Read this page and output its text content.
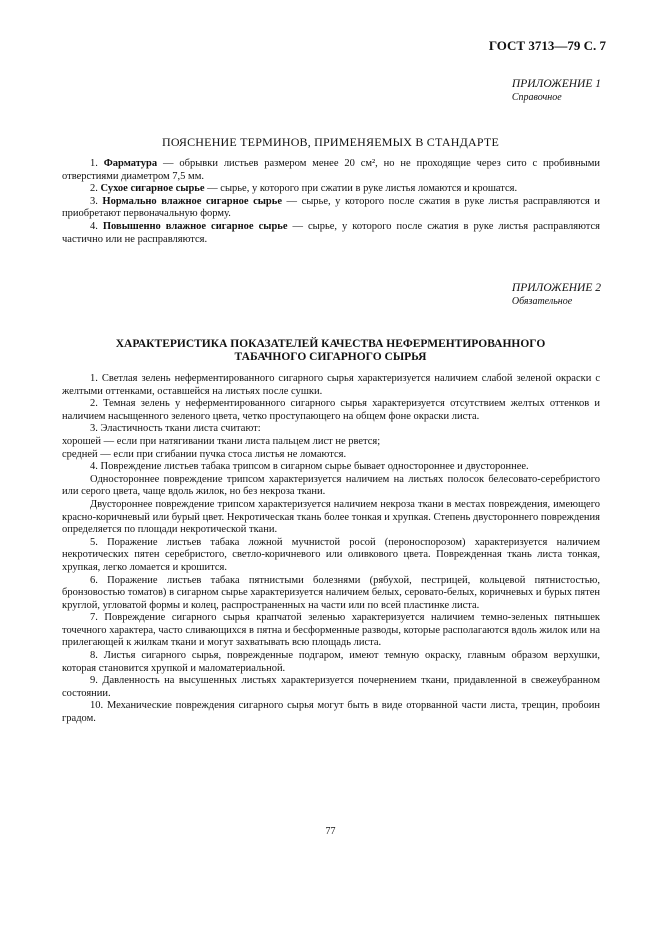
ГОСТ 3713—79 С. 7
ПРИЛОЖЕНИЕ 1
Справочное
ПОЯСНЕНИЕ ТЕРМИНОВ, ПРИМЕНЯЕМЫХ В СТАНДАРТЕ

1. Фарматура — обрывки листьев размером менее 20 см², но не проходящие через сито с пробивными отверстиями диаметром 7,5 мм.

2. Сухое сигарное сырье — сырье, у которого при сжатии в руке листья ломаются и крошатся.

3. Нормально влажное сигарное сырье — сырье, у которого после сжатия в руке листья расправляются и приобретают первоначальную форму.

4. Повышенно влажное сигарное сырье — сырье, у которого после сжатия в руке листья расправляются частично или не расправляются.

ПРИЛОЖЕНИЕ 2
Обязательное
ХАРАКТЕРИСТИКА ПОКАЗАТЕЛЕЙ КАЧЕСТВА НЕФЕРМЕНТИРОВАННОГО
ТАБАЧНОГО СИГАРНОГО СЫРЬЯ

1. Светлая зелень неферментированного сигарного сырья характеризуется наличием слабой зеленой окраски с желтыми оттенками, оставшейся на листьях после сушки.

2. Темная зелень у неферментированного сигарного сырья характеризуется отсутствием желтых оттенков и наличием насыщенного зеленого цвета, четко проступающего на общем фоне окраски листа.

3. Эластичность ткани листа считают:

хорошей — если при натягивании ткани листа пальцем лист не рвется;

средней — если при сгибании пучка стоса листья не ломаются.

4. Повреждение листьев табака трипсом в сигарном сырье бывает одностороннее и двустороннее.

Одностороннее повреждение трипсом характеризуется наличием на листьях полосок белесовато-серебристого или серого цвета, чаще вдоль жилок, но без некроза ткани.

Двустороннее повреждение трипсом характеризуется наличием некроза ткани в местах повреждения, имеющего красно-коричневый или бурый цвет. Некротическая ткань более тонкая и хрупкая. Степень двустороннего повреждения определяется по площади некротической ткани.

5. Поражение листьев табака ложной мучнистой росой (пероноспорозом) характеризуется наличием некротических пятен серебристого, светло-коричневого или оливкового цвета. Поврежденная ткань листа тонкая, хрупкая, легко ломается и крошится.

6. Поражение листьев табака пятнистыми болезнями (рябухой, пестрицей, кольцевой пятнистостью, бронзовостью томатов) в сигарном сырье характеризуется наличием белых, серовато-белых, коричневых и бурых пятен круглой, угловатой формы и колец, распространенных на части или по всей пластинке листа.

7. Повреждение сигарного сырья крапчатой зеленью характеризуется наличием темно-зеленых пятнышек точечного характера, часто сливающихся в пятна и бесформенные разводы, которые располагаются вдоль жилок или на прилегающей к жилкам ткани и могут захватывать всю площадь листа.

8. Листья сигарного сырья, поврежденные подгаром, имеют темную окраску, главным образом верхушки, которая становится хрупкой и маломатериальной.

9. Давленность на высушенных листьях характеризуется почернением ткани, придавленной в свежеубранном состоянии.

10. Механические повреждения сигарного сырья могут быть в виде оторванной части листа, трещин, пробоин градом.

77
